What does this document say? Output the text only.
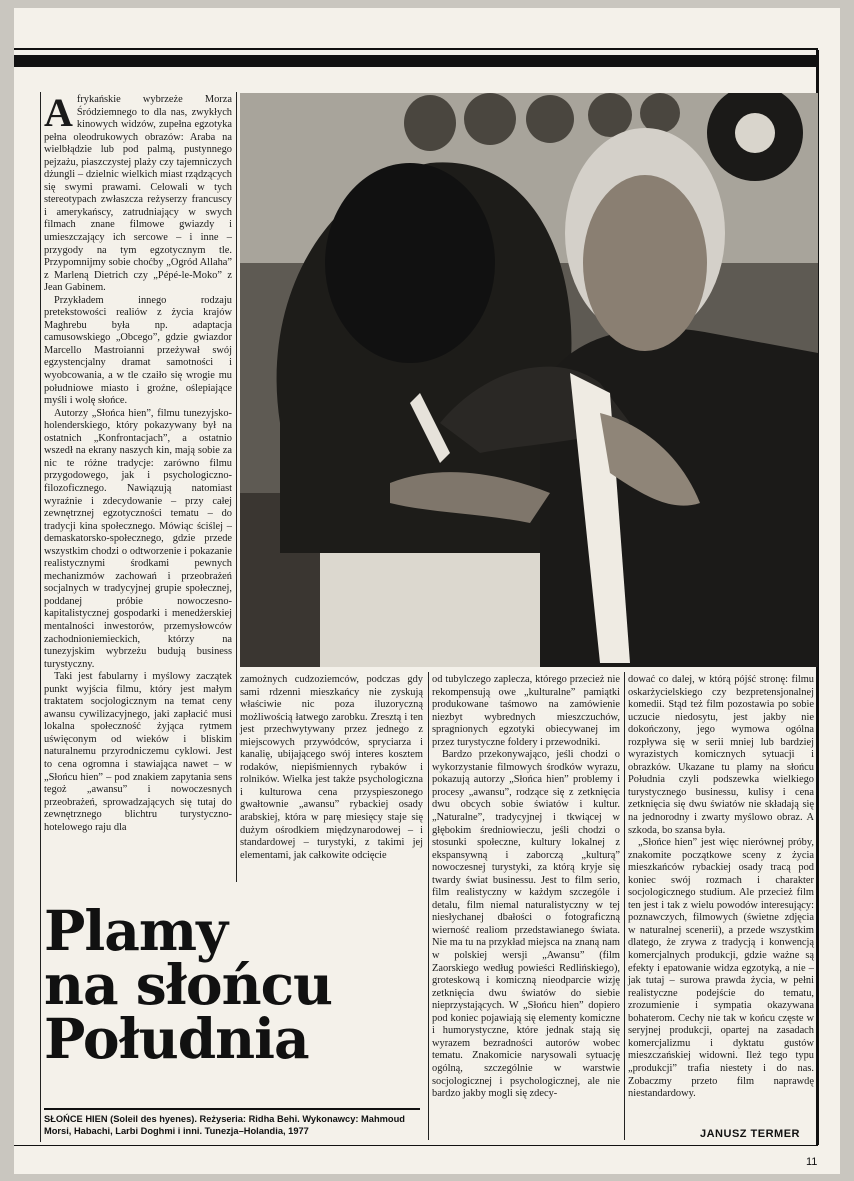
Afrykańskie wybrzeże Morza Śródziemnego to dla nas, zwykłych kinowych widzów, zupełna egzotyka pełna oleodrukowych obrazów: Araba na wielbłądzie lub pod palmą, pustynnego pejzażu, piaszczystej plaży czy tajemniczych dżungli – dzielnic wielkich miast rządzących się swymi prawami. Celowali w tych stereotypach zwłaszcza reżyserzy francuscy i amerykańscy, zatrudniający w swych filmach znane filmowe gwiazdy i umieszczający ich sercowe – i inne – przygody na tym egzotycznym tle. Przypomnijmy sobie choćby „Ogród Allaha” z Marleną Dietrich czy „Pépé-le-Moko” z Jean Gabinem.

Przykładem innego rodzaju pretekstowości realiów z życia krajów Maghrebu była np. adaptacja camusowskiego „Obcego”, gdzie gwiazdor Marcello Mastroianni przeżywał swój egzystencjalny dramat samotności i wyobcowania, a w tle czaiło się wrogie mu południowe miasto i groźne, oślepiające myśli i wolę słońce.

Autorzy „Słońca hien”, filmu tunezyjsko-holenderskiego, który pokazywany był na ostatnich „Konfrontacjach”, a ostatnio wszedł na ekrany naszych kin, mają sobie za nic te różne tradycje: zarówno filmu przygodowego, jak i psychologiczno-filozoficznego. Nawiązują natomiast wyraźnie i zdecydowanie – przy całej zewnętrznej egzotyczności tematu – do tradycji kina społecznego. Mówiąc ściślej – demaskatorsko-społecznego, gdzie przede wszystkim chodzi o odtworzenie i pokazanie realistycznymi środkami pewnych mechanizmów zachowań i przeobrażeń socjalnych w tradycyjnej grupie społecznej, poddanej próbie nowoczesno-kapitalistycznej gospodarki i menedżerskiej mentalności inwestorów, przemysłowców zachodnioniemieckich, którzy na tunezyjskim wybrzeżu budują business turystyczny.

Taki jest fabularny i myślowy zaczątek punkt wyjścia filmu, który jest małym traktatem socjologicznym na temat ceny awansu cywilizacyjnego, jaki zapłacić musi lokalna społeczność żyjąca rytmem uświęconym od wieków i bliskim naturalnemu przyrodniczemu cyklowi. Jest to cena ogromna i stawiająca nawet – w „Słońcu hien” – pod znakiem zapytania sens tegoż „awansu” i nowoczesnych przeobrażeń, sprowadzających się tutaj do zewnętrznego blichtru turystyczno-hotelowego raju dla

zamożnych cudzoziemców, podczas gdy sami rdzenni mieszkańcy nie zyskują właściwie nic poza iluzoryczną możliwością łatwego zarobku. Zresztą i ten jest przechwytywany przez jednego z miejscowych przywódców, spryciarza i kanalię, ubijającego swój interes kosztem rodaków, niepiśmiennych rybaków i rolników. Wielka jest także psychologiczna i kulturowa cena przyspieszonego gwałtownie „awansu” rybackiej osady arabskiej, która w parę miesięcy staje się dużym ośrodkiem międzynarodowej – i standardowej – turystyki, z takimi jej elementami, jak całkowite odcięcie

od tubylczego zaplecza, którego przecież nie rekompensują owe „kulturalne” pamiątki produkowane taśmowo na zamówienie niezbyt wybrednych mieszczuchów, spragnionych egzotyki obiecywanej im przez turystyczne foldery i przewodniki.

Bardzo przekonywająco, jeśli chodzi o wykorzystanie filmowych środków wyrazu, pokazują autorzy „Słońca hien” problemy i procesy „awansu”, rodzące się z zetknięcia dwu obcych sobie światów i kultur. „Naturalne”, tradycyjnej i tkwiącej w głębokim średniowieczu, jeśli chodzi o stosunki społeczne, kultury lokalnej z ekspansywną i zaborczą „kulturą” nowoczesnej turystyki, za którą kryje się twardy świat businessu. Jest to film serio, film realistyczny w każdym szczególe i detalu, film niemal naturalistyczny w tej niesłychanej dbałości o fotograficzną wierność realiom przedstawianego świata. Nie ma tu na przykład miejsca na znaną nam w polskiej wersji „Awansu” (film Zaorskiego według powieści Redlińskiego), groteskową i komiczną nieodparcie wizję zetknięcia dwu światów do siebie nieprzystających. W „Słońcu hien” dopiero pod koniec pojawiają się elementy komiczne i humorystyczne, które jednak stają się wyrazem bezradności autorów wobec tematu. Znakomicie narysowali sytuację ogólną, szczególnie w warstwie socjologicznej i psychologicznej, ale nie bardzo jakby mogli się zdecy-

dować co dalej, w którą pójść stronę: filmu oskarżycielskiego czy bezpretensjonalnej komedii. Stąd też film pozostawia po sobie uczucie niedosytu, jest jakby nie dokończony, jego wymowa ogólna rozpływa się w serii mniej lub bardziej wyrazistych komicznych sytuacji i obrazków. Ukazane tu plamy na słońcu Południa czyli podszewka wielkiego turystycznego businessu, kulisy i cena zetknięcia się dwu światów nie składają się na jednorodny i zwarty myślowo obraz. A szkoda, bo szansa była.

„Słońce hien” jest więc nierównej próby, znakomite początkowe sceny z życia mieszkańców rybackiej osady tracą pod koniec swój rozmach i charakter socjologicznego studium. Ale przecież film ten jest i tak z wielu powodów interesujący: poznawczych, filmowych (świetne zdjęcia w naturalnej scenerii), a przede wszystkim dlatego, że zrywa z tradycją i konwencją komercjalnych produkcji, gdzie ważne są efekty i epatowanie widza egzotyką, a nie – jak tutaj – surowa prawda życia, w pełni realistyczne podejście do tematu, zrozumienie i sympatia okazywana bohaterom. Cechy nie tak w końcu częste w seryjnej produkcji, opartej na zasadach komercjalizmu i dyktatu gustów mieszczańskiej widowni. Ileż tego typu „produkcji” trafia niestety i do nas. Zobaczmy przeto film naprawdę niestandardowy.

Plamy
na słońcu
Południa
SŁOŃCE HIEN (Soleil des hyenes). Reżyseria: Ridha Behi. Wykonawcy: Mahmoud Morsi, Habachi, Larbi Doghmi i inni. Tunezja–Holandia, 1977	JANUSZ TERMER
11
